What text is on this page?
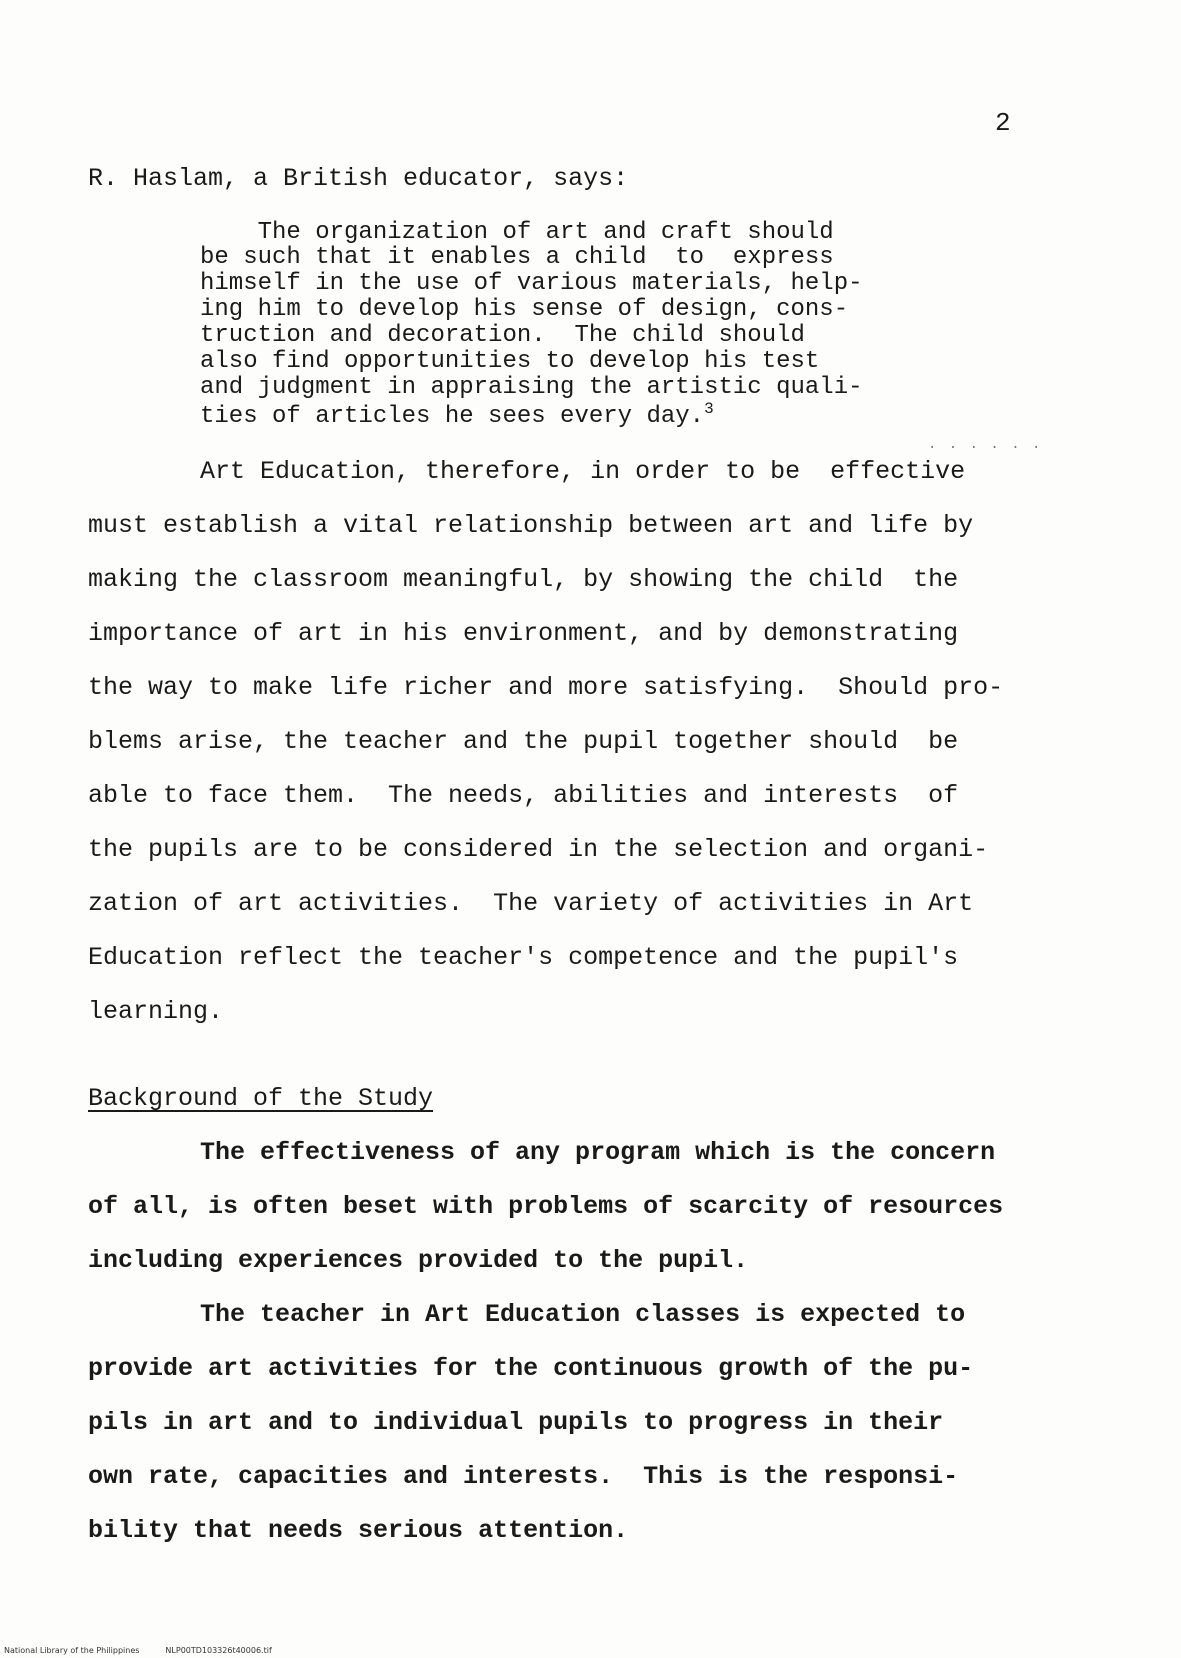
2
R. Haslam, a British educator, says:
The organization of art and craft should
be such that it enables a child  to  express
himself in the use of various materials, help-
ing him to develop his sense of design, cons-
truction and decoration.  The child should
also find opportunities to develop his test
and judgment in appraising the artistic quali-
ties of articles he sees every day.$^3$
. . . . . .
Art Education, therefore, in order to be  effective
must establish a vital relationship between art and life by
making the classroom meaningful, by showing the child  the
importance of art in his environment, and by demonstrating
the way to make life richer and more satisfying.  Should pro-
blems arise, the teacher and the pupil together should  be
able to face them.  The needs, abilities and interests  of
the pupils are to be considered in the selection and organi-
zation of art activities.  The variety of activities in Art
Education reflect the teacher's competence and the pupil's
learning.
Background of the Study
The effectiveness of any program which is the concern
of all, is often beset with problems of scarcity of resources
including experiences provided to the pupil.
The teacher in Art Education classes is expected to
provide art activities for the continuous growth of the pu-
pils in art and to individual pupils to progress in their
own rate, capacities and interests.  This is the responsi-
bility that needs serious attention.
National Library of the Philippines	NLP00TD103326t40006.tif
